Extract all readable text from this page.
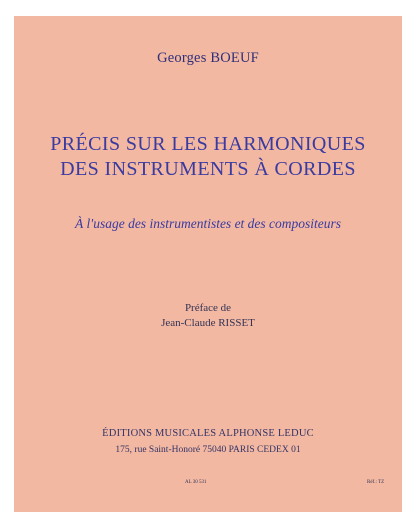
Georges BOEUF
PRÉCIS SUR LES HARMONIQUES
DES INSTRUMENTS À CORDES
À l'usage des instrumentistes et des compositeurs
Préface de
Jean-Claude RISSET
ÉDITIONS MUSICALES ALPHONSE LEDUC
175, rue Saint-Honoré 75040 PARIS CEDEX 01
AL 30 531	Réf.: TZ
